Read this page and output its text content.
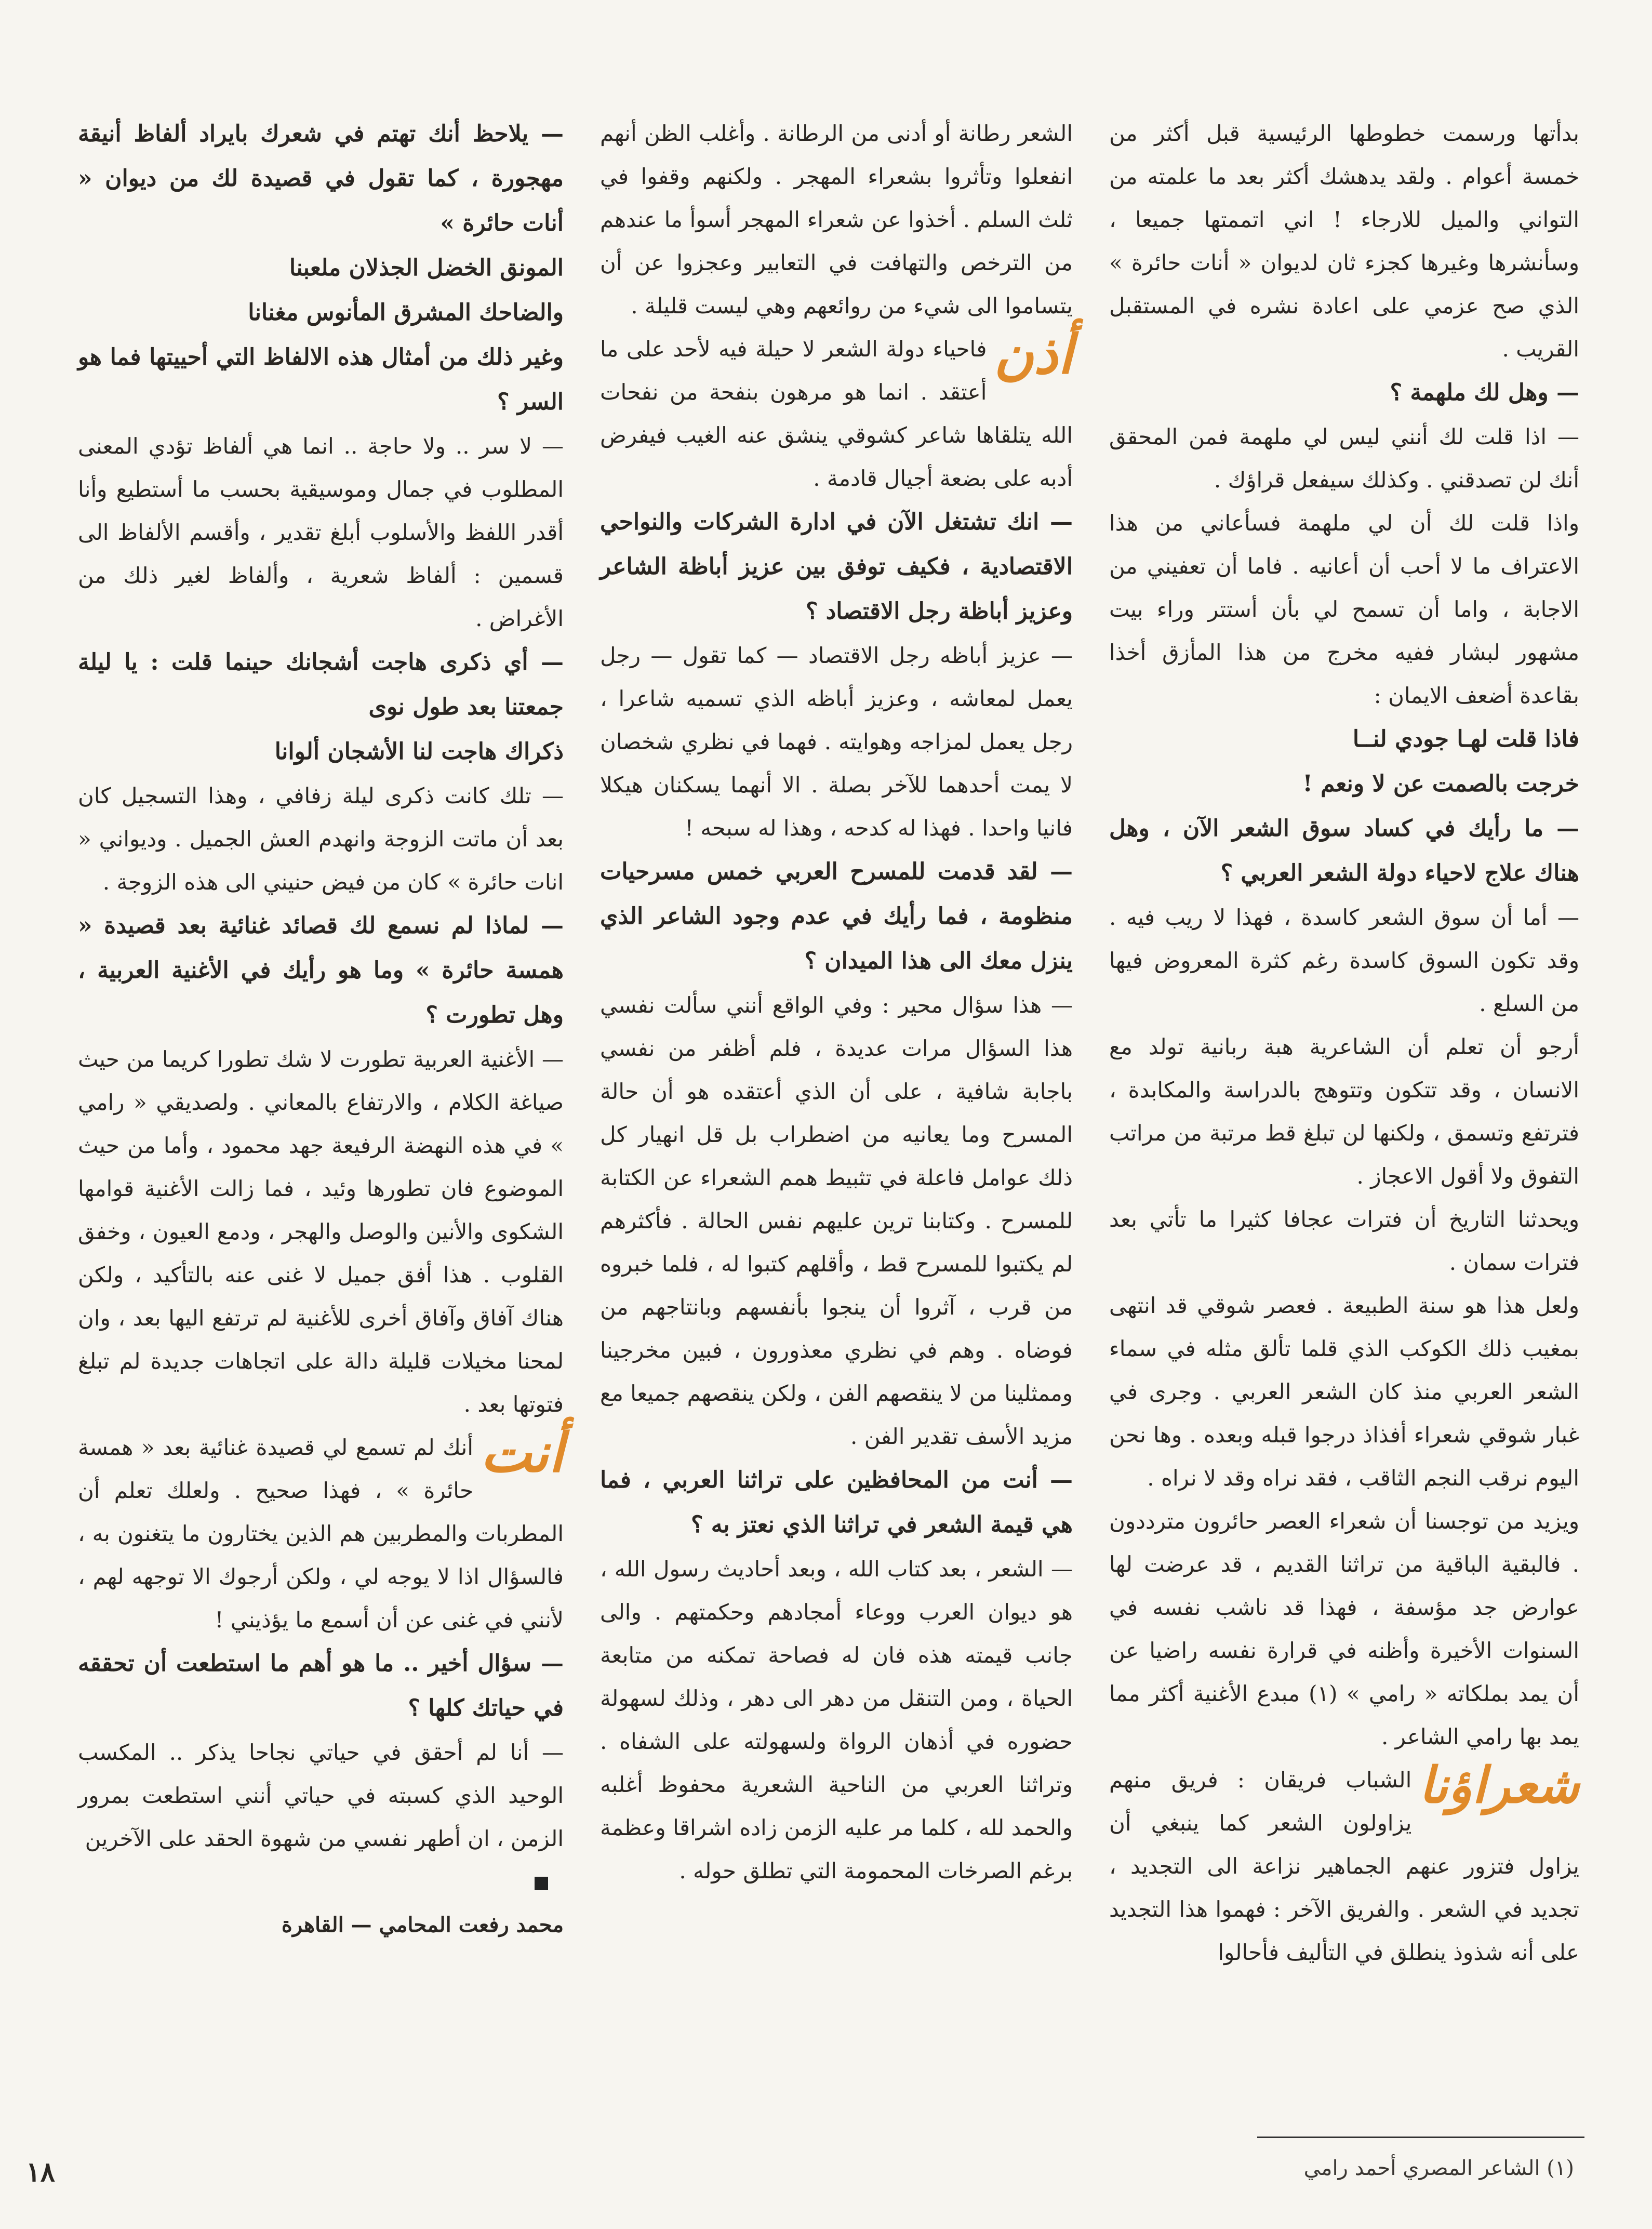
بدأتها ورسمت خطوطها الرئيسية قبل أكثر من خمسة أعوام . ولقد يدهشك أكثر بعد ما علمته من التواني والميل للارجاء ! اني اتممتها جميعا ، وسأنشرها وغيرها كجزء ثان لديوان « أنات حائرة » الذي صح عزمي على اعادة نشره في المستقبل القريب .

— وهل لك ملهمة ؟

— اذا قلت لك أنني ليس لي ملهمة فمن المحقق أنك لن تصدقني . وكذلك سيفعل قراؤك .

واذا قلت لك أن لي ملهمة فسأعاني من هذا الاعتراف ما لا أحب أن أعانيه . فاما أن تعفيني من الاجابة ، واما أن تسمح لي بأن أستتر وراء بيت مشهور لبشار ففيه مخرج من هذا المأزق أخذا بقاعدة أضعف الايمان :

فاذا قلت لهـا جودي لنــا

خرجت بالصمت عن لا ونعم !

— ما رأيك في كساد سوق الشعر الآن ، وهل هناك علاج لاحياء دولة الشعر العربي ؟

— أما أن سوق الشعر كاسدة ، فهذا لا ريب فيه . وقد تكون السوق كاسدة رغم كثرة المعروض فيها من السلع .

أرجو أن تعلم أن الشاعرية هبة ربانية تولد مع الانسان ، وقد تتكون وتتوهج بالدراسة والمكابدة ، فترتفع وتسمق ، ولكنها لن تبلغ قط مرتبة من مراتب التفوق ولا أقول الاعجاز .

ويحدثنا التاريخ أن فترات عجافا كثيرا ما تأتي بعد فترات سمان .

ولعل هذا هو سنة الطبيعة . فعصر شوقي قد انتهى بمغيب ذلك الكوكب الذي قلما تألق مثله في سماء الشعر العربي منذ كان الشعر العربي . وجرى في غبار شوقي شعراء أفذاذ درجوا قبله وبعده . وها نحن اليوم نرقب النجم الثاقب ، فقد نراه وقد لا نراه .

ويزيد من توجسنا أن شعراء العصر حائرون مترددون . فالبقية الباقية من تراثنا القديم ، قد عرضت لها عوارض جد مؤسفة ، فهذا قد ناشب نفسه في السنوات الأخيرة وأظنه في قرارة نفسه راضيا عن أن يمد بملكاته « رامي » (١) مبدع الأغنية أكثر مما يمد بها رامي الشاعر .

شعراؤنا
الشباب فريقان : فريق منهم يزاولون الشعر كما ينبغي أن يزاول فتزور عنهم الجماهير نزاعة الى التجديد ، تجديد في الشعر . والفريق الآخر : فهموا هذا التجديد على أنه شذوذ ينطلق في التأليف فأحالوا

الشعر رطانة أو أدنى من الرطانة . وأغلب الظن أنهم انفعلوا وتأثروا بشعراء المهجر . ولكنهم وقفوا في ثلث السلم . أخذوا عن شعراء المهجر أسوأ ما عندهم من الترخص والتهافت في التعابير وعجزوا عن أن يتساموا الى شيء من روائعهم وهي ليست قليلة .

أذن
فاحياء دولة الشعر لا حيلة فيه لأحد على ما أعتقد . انما هو مرهون بنفحة من نفحات الله يتلقاها شاعر كشوقي ينشق عنه الغيب فيفرض أدبه على بضعة أجيال قادمة .

— انك تشتغل الآن في ادارة الشركات والنواحي الاقتصادية ، فكيف توفق بين عزيز أباظة الشاعر وعزيز أباظة رجل الاقتصاد ؟

— عزيز أباظه رجل الاقتصاد — كما تقول — رجل يعمل لمعاشه ، وعزيز أباظه الذي تسميه شاعرا ، رجل يعمل لمزاجه وهوايته . فهما في نظري شخصان لا يمت أحدهما للآخر بصلة . الا أنهما يسكنان هيكلا فانيا واحدا . فهذا له كدحه ، وهذا له سبحه !

— لقد قدمت للمسرح العربي خمس مسرحيات منظومة ، فما رأيك في عدم وجود الشاعر الذي ينزل معك الى هذا الميدان ؟

— هذا سؤال محير : وفي الواقع أنني سألت نفسي هذا السؤال مرات عديدة ، فلم أظفر من نفسي باجابة شافية ، على أن الذي أعتقده هو أن حالة المسرح وما يعانيه من اضطراب بل قل انهيار كل ذلك عوامل فاعلة في تثبيط همم الشعراء عن الكتابة للمسرح . وكتابنا ترين عليهم نفس الحالة . فأكثرهم لم يكتبوا للمسرح قط ، وأقلهم كتبوا له ، فلما خبروه من قرب ، آثروا أن ينجوا بأنفسهم وبانتاجهم من فوضاه . وهم في نظري معذورون ، فبين مخرجينا وممثلينا من لا ينقصهم الفن ، ولكن ينقصهم جميعا مع مزيد الأسف تقدير الفن .

— أنت من المحافظين على تراثنا العربي ، فما هي قيمة الشعر في تراثنا الذي نعتز به ؟

— الشعر ، بعد كتاب الله ، وبعد أحاديث رسول الله ، هو ديوان العرب ووعاء أمجادهم وحكمتهم . والى جانب قيمته هذه فان له فصاحة تمكنه من متابعة الحياة ، ومن التنقل من دهر الى دهر ، وذلك لسهولة حضوره في أذهان الرواة ولسهولته على الشفاه . وتراثنا العربي من الناحية الشعرية محفوظ أغلبه والحمد لله ، كلما مر عليه الزمن زاده اشراقا وعظمة برغم الصرخات المحمومة التي تطلق حوله .

— يلاحظ أنك تهتم في شعرك بايراد ألفاظ أنيقة مهجورة ، كما تقول في قصيدة لك من ديوان « أنات حائرة »

المونق الخضل الجذلان ملعبنا

والضاحك المشرق المأنوس مغنانا

وغير ذلك من أمثال هذه الالفاظ التي أحييتها فما هو السر ؟

— لا سر .. ولا حاجة .. انما هي ألفاظ تؤدي المعنى المطلوب في جمال وموسيقية بحسب ما أستطيع وأنا أقدر اللفظ والأسلوب أبلغ تقدير ، وأقسم الألفاظ الى قسمين : ألفاظ شعرية ، وألفاظ لغير ذلك من الأغراض .

— أي ذكرى هاجت أشجانك حينما قلت : يا ليلة جمعتنا بعد طول نوى

ذكراك هاجت لنا الأشجان ألوانا

— تلك كانت ذكرى ليلة زفافي ، وهذا التسجيل كان بعد أن ماتت الزوجة وانهدم العش الجميل . وديواني « انات حائرة » كان من فيض حنيني الى هذه الزوجة .

— لماذا لم نسمع لك قصائد غنائية بعد قصيدة « همسة حائرة » وما هو رأيك في الأغنية العربية ، وهل تطورت ؟

— الأغنية العربية تطورت لا شك تطورا كريما من حيث صياغة الكلام ، والارتفاع بالمعاني . ولصديقي « رامي » في هذه النهضة الرفيعة جهد محمود ، وأما من حيث الموضوع فان تطورها وئيد ، فما زالت الأغنية قوامها الشكوى والأنين والوصل والهجر ، ودمع العيون ، وخفق القلوب . هذا أفق جميل لا غنى عنه بالتأكيد ، ولكن هناك آفاق وآفاق أخرى للأغنية لم ترتفع اليها بعد ، وان لمحنا مخيلات قليلة دالة على اتجاهات جديدة لم تبلغ فتوتها بعد .

أنت
أنك لم تسمع لي قصيدة غنائية بعد « همسة حائرة » ، فهذا صحيح . ولعلك تعلم أن المطربات والمطربين هم الذين يختارون ما يتغنون به ، فالسؤال اذا لا يوجه لي ، ولكن أرجوك الا توجهه لهم ، لأنني في غنى عن أن أسمع ما يؤذيني !

— سؤال أخير .. ما هو أهم ما استطعت أن تحققه في حياتك كلها ؟

— أنا لم أحقق في حياتي نجاحا يذكر .. المكسب الوحيد الذي كسبته في حياتي أنني استطعت بمرور الزمن ، ان أطهر نفسي من شهوة الحقد على الآخرين

محمد رفعت المحامي — القاهرة

(١) الشاعر المصري أحمد رامي
١٨
